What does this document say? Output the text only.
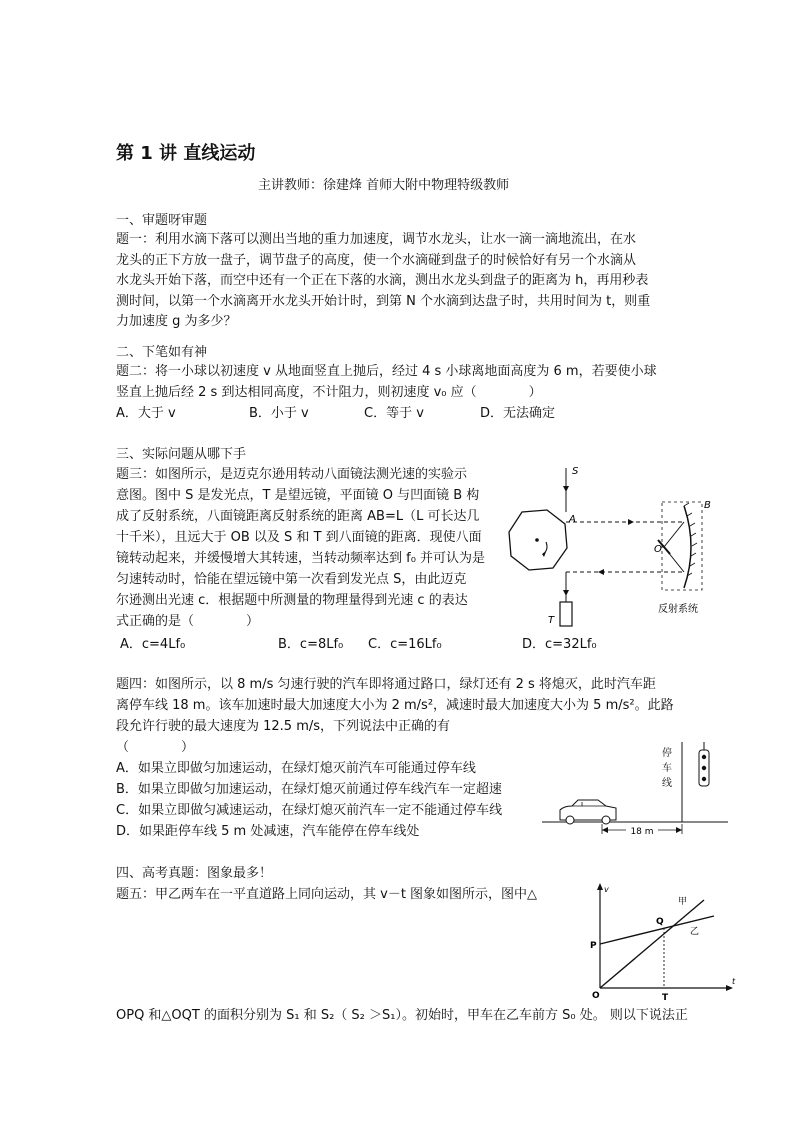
第 1 讲 直线运动
主讲教师：徐建烽 首师大附中物理特级教师
一、审题呀审题
题一：利用水滴下落可以测出当地的重力加速度，调节水龙头，让水一滴一滴地流出，在水
龙头的正下方放一盘子，调节盘子的高度，使一个水滴碰到盘子的时候恰好有另一个水滴从
水龙头开始下落，而空中还有一个正在下落的水滴，测出水龙头到盘子的距离为 h，再用秒表
测时间，以第一个水滴离开水龙头开始计时，到第 N 个水滴到达盘子时，共用时间为 t，则重
力加速度 g 为多少？
二、下笔如有神
题二：将一小球以初速度 v 从地面竖直上抛后，经过 4 s 小球离地面高度为 6 m，若要使小球
竖直上抛后经 2 s 到达相同高度，不计阻力，则初速度 v₀ 应（　　　　）
A．大于 v	B．小于 v	C．等于 v	D．无法确定
三、实际问题从哪下手
题三：如图所示，是迈克尔逊用转动八面镜法测光速的实验示
意图。图中 S 是发光点，T 是望远镜，平面镜 O 与凹面镜 B 构
成了反射系统，八面镜距离反射系统的距离 AB=L（L 可长达几
十千米），且远大于 OB 以及 S 和 T 到八面镜的距离．现使八面
镜转动起来，并缓慢增大其转速，当转动频率达到 f₀ 并可认为是
匀速转动时，恰能在望远镜中第一次看到发光点 S，由此迈克
尔逊测出光速 c．根据题中所测量的物理量得到光速 c 的表达
式正确的是（　　　　）
A．c=4Lf₀	B．c=8Lf₀ C．c=16Lf₀	D．c=32Lf₀
S
A
B
O
T
反射系统
题四：如图所示，以 8 m/s 匀速行驶的汽车即将通过路口，绿灯还有 2 s 将熄灭，此时汽车距
离停车线 18 m。该车加速时最大加速度大小为 2 m/s²，减速时最大加速度大小为 5 m/s²。此路
段允许行驶的最大速度为 12.5 m/s，下列说法中正确的有
（　　　　）
A．如果立即做匀加速运动，在绿灯熄灭前汽车可能通过停车线
B．如果立即做匀加速运动，在绿灯熄灭前通过停车线汽车一定超速
C．如果立即做匀减速运动，在绿灯熄灭前汽车一定不能通过停车线
D．如果距停车线 5 m 处减速，汽车能停在停车线处	18 m
停
车
线
四、高考真题：图象最多！
题五：甲乙两车在一平直道路上同向运动，其 v－t 图象如图所示，图中△	v
t
O
P
Q
T
甲
乙
OPQ 和△OQT 的面积分别为 S₁ 和 S₂（ S₂ ＞S₁）。初始时，甲车在乙车前方 S₀ 处。 则以下说法正
